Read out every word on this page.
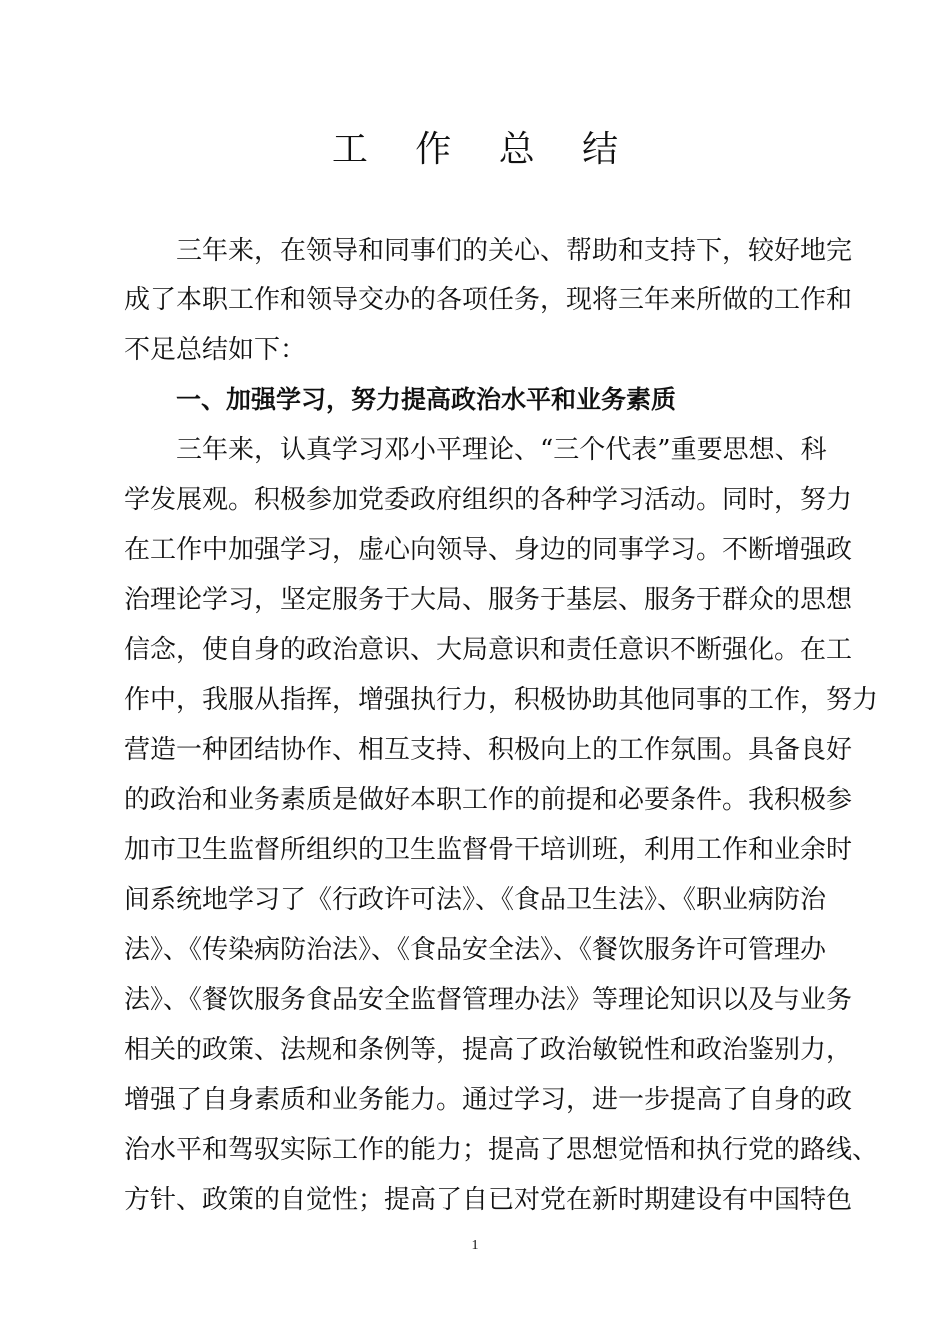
工 作 总 结
三年来，在领导和同事们的关心、帮助和支持下，较好地完
成了本职工作和领导交办的各项任务，现将三年来所做的工作和
不足总结如下：
一、加强学习，努力提高政治水平和业务素质
三年来，认真学习邓小平理论、“三个代表”重要思想、科
学发展观。积极参加党委政府组织的各种学习活动。同时，努力
在工作中加强学习，虚心向领导、身边的同事学习。不断增强政
治理论学习，坚定服务于大局、服务于基层、服务于群众的思想
信念，使自身的政治意识、大局意识和责任意识不断强化。在工
作中，我服从指挥，增强执行力，积极协助其他同事的工作，努力
营造一种团结协作、相互支持、积极向上的工作氛围。具备良好
的政治和业务素质是做好本职工作的前提和必要条件。我积极参
加市卫生监督所组织的卫生监督骨干培训班，利用工作和业余时
间系统地学习了《行政许可法》、《食品卫生法》、《职业病防治
法》、《传染病防治法》、《食品安全法》、《餐饮服务许可管理办
法》、《餐饮服务食品安全监督管理办法》等理论知识以及与业务
相关的政策、法规和条例等，提高了政治敏锐性和政治鉴别力，
增强了自身素质和业务能力。通过学习，进一步提高了自身的政
治水平和驾驭实际工作的能力；提高了思想觉悟和执行党的路线、
方针、政策的自觉性；提高了自已对党在新时期建设有中国特色
1
